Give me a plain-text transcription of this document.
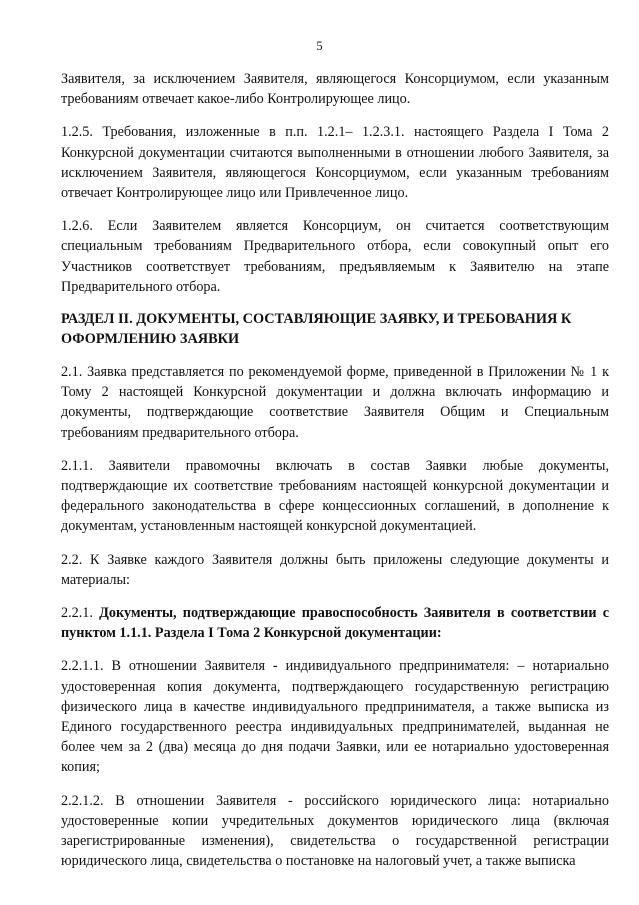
5

Заявителя, за исключением Заявителя, являющегося Консорциумом, если указанным требованиям отвечает какое-либо Контролирующее лицо.

1.2.5. Требования, изложенные в п.п. 1.2.1– 1.2.3.1. настоящего Раздела I Тома 2 Конкурсной документации считаются выполненными в отношении любого Заявителя, за исключением Заявителя, являющегося Консорциумом, если указанным требованиям отвечает Контролирующее лицо или Привлеченное лицо.

1.2.6. Если Заявителем является Консорциум, он считается соответствующим специальным требованиям Предварительного отбора, если совокупный опыт его Участников соответствует требованиям, предъявляемым к Заявителю на этапе Предварительного отбора.

РАЗДЕЛ II. ДОКУМЕНТЫ, СОСТАВЛЯЮЩИЕ ЗАЯВКУ, И ТРЕБОВАНИЯ К ОФОРМЛЕНИЮ ЗАЯВКИ

2.1. Заявка представляется по рекомендуемой форме, приведенной в Приложении № 1 к Тому 2 настоящей Конкурсной документации и должна включать информацию и документы, подтверждающие соответствие Заявителя Общим и Специальным требованиям предварительного отбора.

2.1.1. Заявители правомочны включать в состав Заявки любые документы, подтверждающие их соответствие требованиям настоящей конкурсной документации и федерального законодательства в сфере концессионных соглашений, в дополнение к документам, установленным настоящей конкурсной документацией.

2.2. К Заявке каждого Заявителя должны быть приложены следующие документы и материалы:

2.2.1. Документы, подтверждающие правоспособность Заявителя в соответствии с пунктом 1.1.1. Раздела I Тома 2 Конкурсной документации:

2.2.1.1. В отношении Заявителя - индивидуального предпринимателя: – нотариально удостоверенная копия документа, подтверждающего государственную регистрацию физического лица в качестве индивидуального предпринимателя, а также выписка из Единого государственного реестра индивидуальных предпринимателей, выданная не более чем за 2 (два) месяца до дня подачи Заявки, или ее нотариально удостоверенная копия;

2.2.1.2. В отношении Заявителя - российского юридического лица: нотариально удостоверенные копии учредительных документов юридического лица (включая зарегистрированные изменения), свидетельства о государственной регистрации юридического лица, свидетельства о постановке на налоговый учет, а также выписка
